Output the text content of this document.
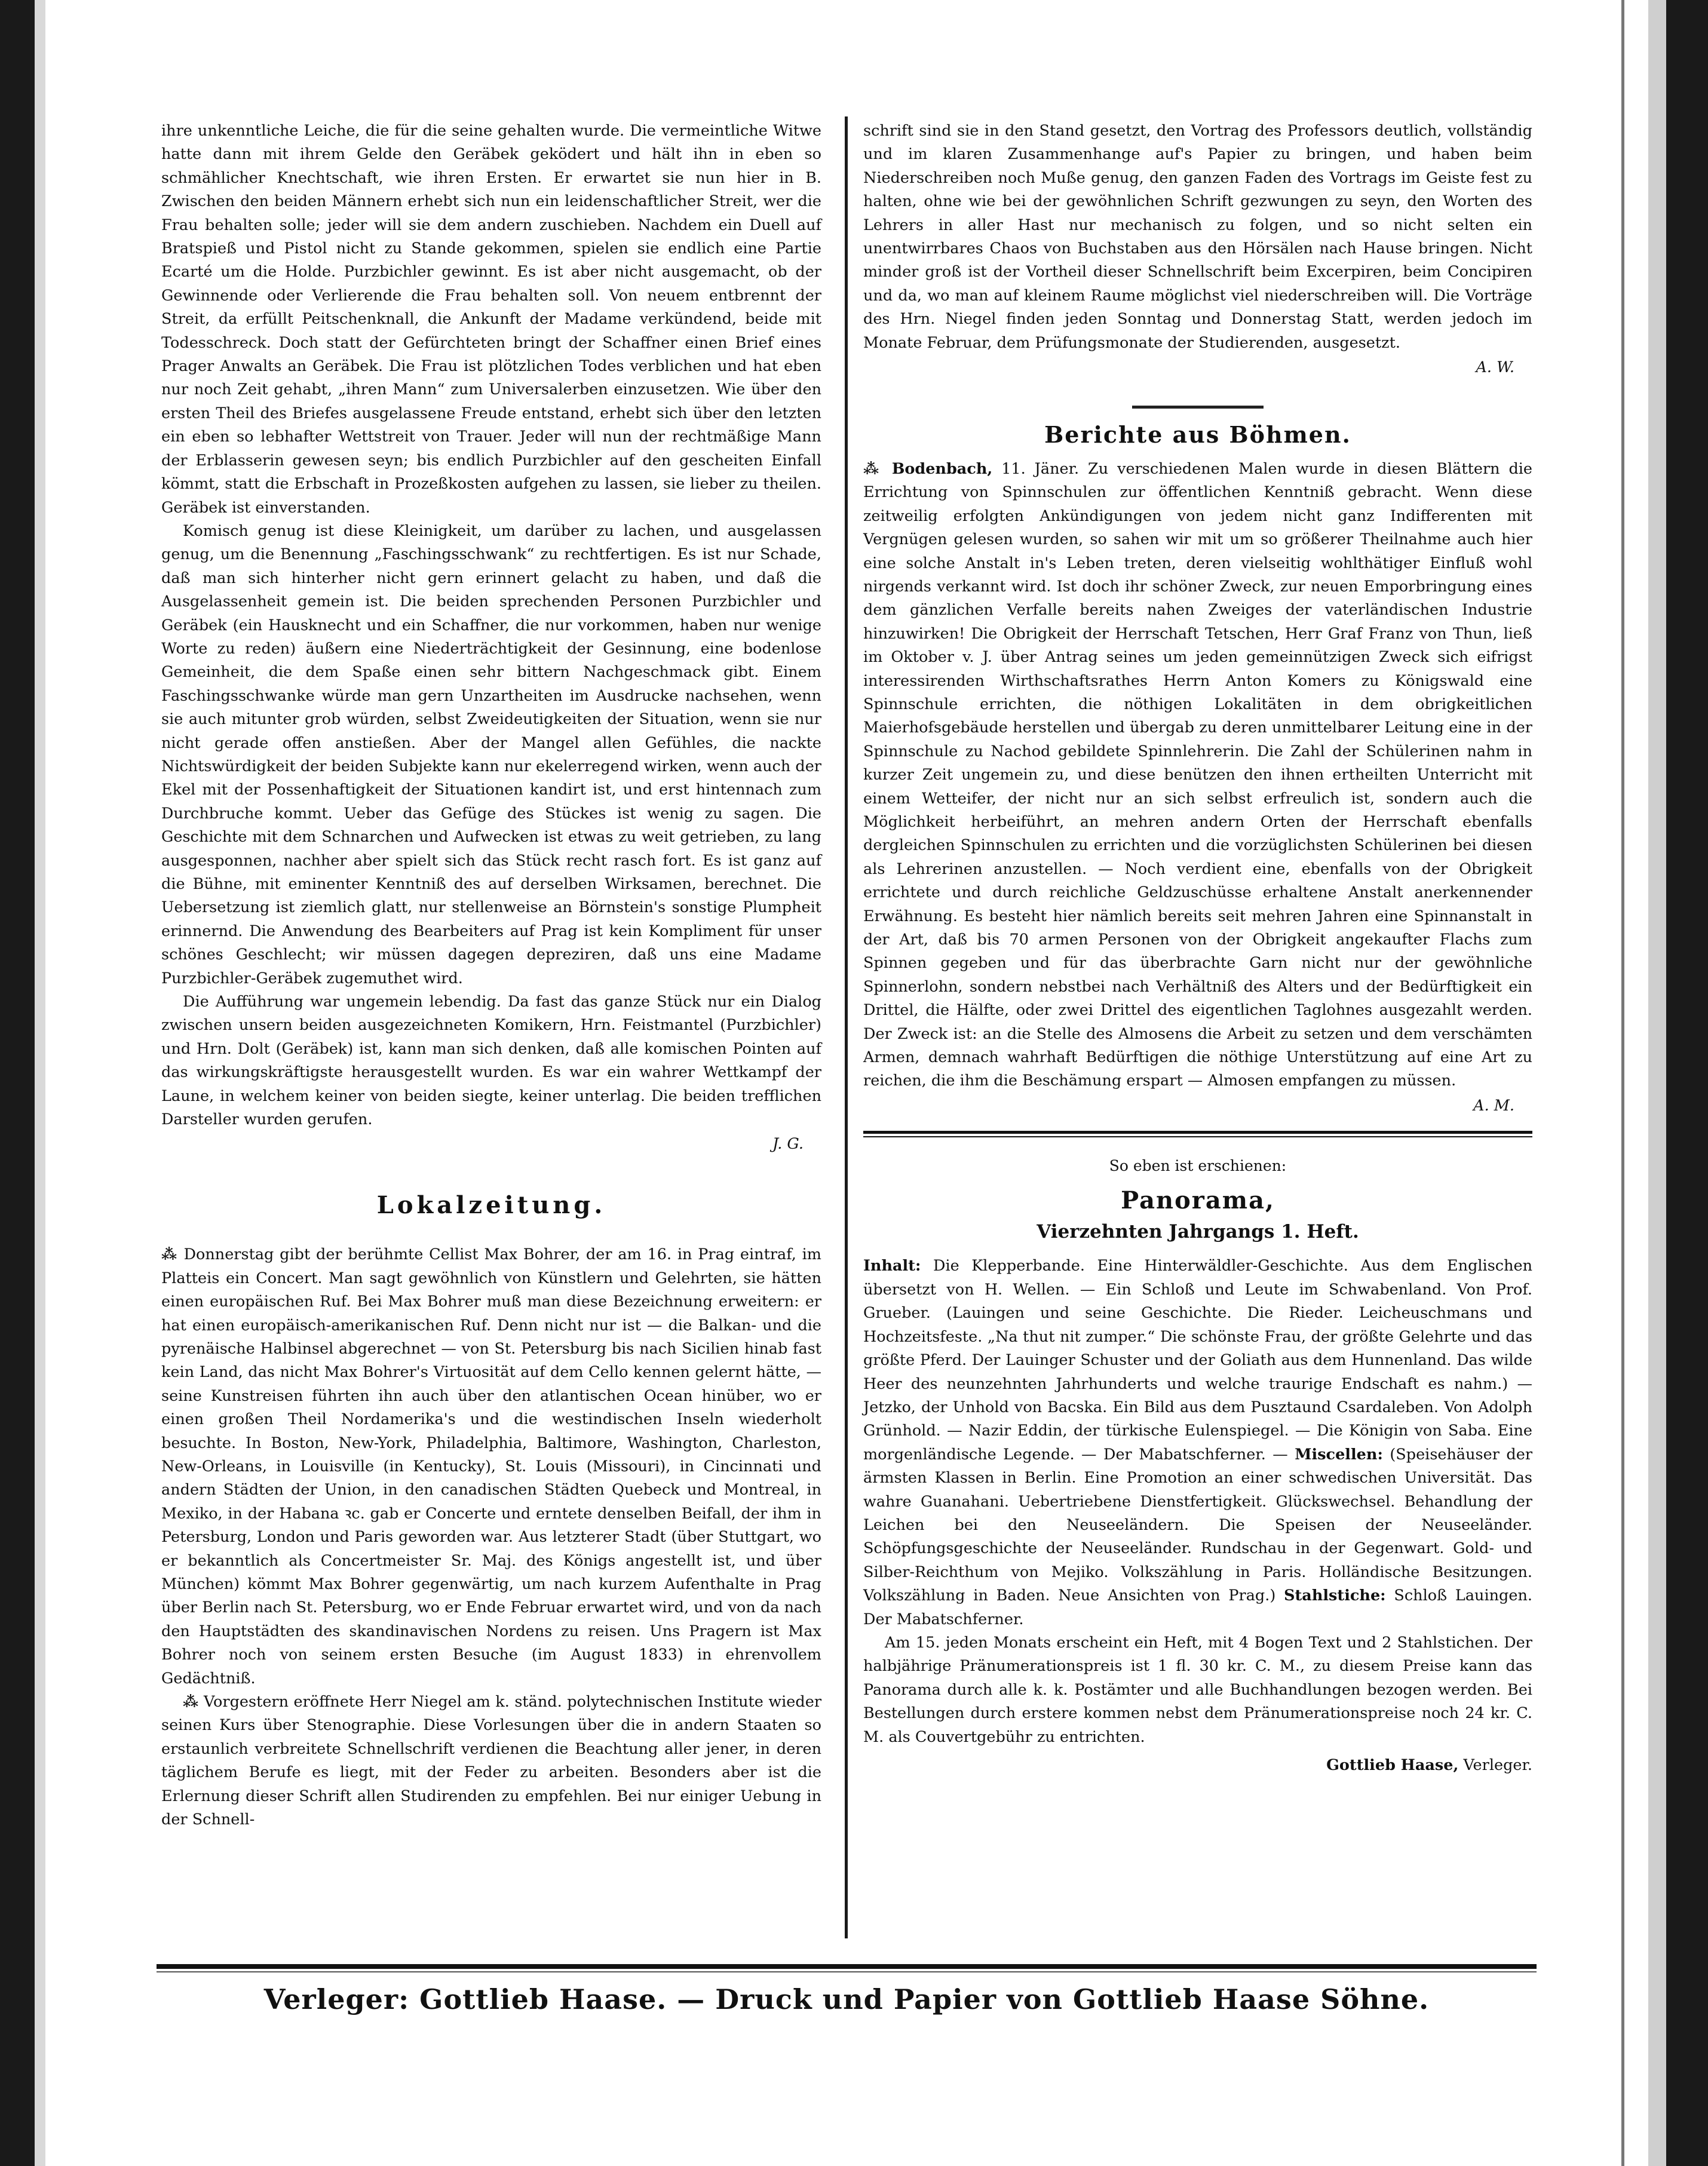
ihre unkenntliche Leiche, die für die seine gehalten wurde. Die vermeintliche Witwe hatte dann mit ihrem Gelde den Geräbek geködert und hält ihn in eben so schmählicher Knechtschaft, wie ihren Ersten. Er erwartet sie nun hier in B. Zwischen den beiden Männern erhebt sich nun ein leidenschaftlicher Streit, wer die Frau behalten solle; jeder will sie dem andern zuschieben. Nachdem ein Duell auf Bratspieß und Pistol nicht zu Stande gekommen, spielen sie endlich eine Partie Ecarté um die Holde. Purzbichler gewinnt. Es ist aber nicht ausgemacht, ob der Gewinnende oder Verlierende die Frau behalten soll. Von neuem entbrennt der Streit, da erfüllt Peitschenknall, die Ankunft der Madame verkündend, beide mit Todesschreck. Doch statt der Gefürchteten bringt der Schaffner einen Brief eines Prager Anwalts an Geräbek. Die Frau ist plötzlichen Todes verblichen und hat eben nur noch Zeit gehabt, „ihren Mann“ zum Universalerben einzusetzen. Wie über den ersten Theil des Briefes ausgelassene Freude entstand, erhebt sich über den letzten ein eben so lebhafter Wettstreit von Trauer. Jeder will nun der rechtmäßige Mann der Erblasserin gewesen seyn; bis endlich Purzbichler auf den gescheiten Einfall kömmt, statt die Erbschaft in Prozeßkosten aufgehen zu lassen, sie lieber zu theilen. Geräbek ist einverstanden.

Komisch genug ist diese Kleinigkeit, um darüber zu lachen, und ausgelassen genug, um die Benennung „Faschingsschwank“ zu rechtfertigen. Es ist nur Schade, daß man sich hinterher nicht gern erinnert gelacht zu haben, und daß die Ausgelassenheit gemein ist. Die beiden sprechenden Personen Purzbichler und Geräbek (ein Hausknecht und ein Schaffner, die nur vorkommen, haben nur wenige Worte zu reden) äußern eine Niederträchtigkeit der Gesinnung, eine bodenlose Gemeinheit, die dem Spaße einen sehr bittern Nachgeschmack gibt. Einem Faschingsschwanke würde man gern Unzartheiten im Ausdrucke nachsehen, wenn sie auch mitunter grob würden, selbst Zweideutigkeiten der Situation, wenn sie nur nicht gerade offen anstießen. Aber der Mangel allen Gefühles, die nackte Nichtswürdigkeit der beiden Subjekte kann nur ekelerregend wirken, wenn auch der Ekel mit der Possenhaftigkeit der Situationen kandirt ist, und erst hintennach zum Durchbruche kommt. Ueber das Gefüge des Stückes ist wenig zu sagen. Die Geschichte mit dem Schnarchen und Aufwecken ist etwas zu weit getrieben, zu lang ausgesponnen, nachher aber spielt sich das Stück recht rasch fort. Es ist ganz auf die Bühne, mit eminenter Kenntniß des auf derselben Wirksamen, berechnet. Die Uebersetzung ist ziemlich glatt, nur stellenweise an Börnstein's sonstige Plumpheit erinnernd. Die Anwendung des Bearbeiters auf Prag ist kein Kompliment für unser schönes Geschlecht; wir müssen dagegen depreziren, daß uns eine Madame Purzbichler-Geräbek zugemuthet wird.

Die Aufführung war ungemein lebendig. Da fast das ganze Stück nur ein Dialog zwischen unsern beiden ausgezeichneten Komikern, Hrn. Feistmantel (Purzbichler) und Hrn. Dolt (Geräbek) ist, kann man sich denken, daß alle komischen Pointen auf das wirkungskräftigste herausgestellt wurden. Es war ein wahrer Wettkampf der Laune, in welchem keiner von beiden siegte, keiner unterlag. Die beiden trefflichen Darsteller wurden gerufen.

J. G.
Lokalzeitung.

⁂ Donnerstag gibt der berühmte Cellist Max Bohrer, der am 16. in Prag eintraf, im Platteis ein Concert. Man sagt gewöhnlich von Künstlern und Gelehrten, sie hätten einen europäischen Ruf. Bei Max Bohrer muß man diese Bezeichnung erweitern: er hat einen europäisch-amerikanischen Ruf. Denn nicht nur ist — die Balkan- und die pyrenäische Halbinsel abgerechnet — von St. Petersburg bis nach Sicilien hinab fast kein Land, das nicht Max Bohrer's Virtuosität auf dem Cello kennen gelernt hätte, — seine Kunstreisen führten ihn auch über den atlantischen Ocean hinüber, wo er einen großen Theil Nordamerika's und die westindischen Inseln wiederholt besuchte. In Boston, New-York, Philadelphia, Baltimore, Washington, Charleston, New-Orleans, in Louisville (in Kentucky), St. Louis (Missouri), in Cincinnati und andern Städten der Union, in den canadischen Städten Quebeck und Montreal, in Mexiko, in der Habana ꝛc. gab er Concerte und erntete denselben Beifall, der ihm in Petersburg, London und Paris geworden war. Aus letzterer Stadt (über Stuttgart, wo er bekanntlich als Concertmeister Sr. Maj. des Königs angestellt ist, und über München) kömmt Max Bohrer gegenwärtig, um nach kurzem Aufenthalte in Prag über Berlin nach St. Petersburg, wo er Ende Februar erwartet wird, und von da nach den Hauptstädten des skandinavischen Nordens zu reisen. Uns Pragern ist Max Bohrer noch von seinem ersten Besuche (im August 1833) in ehrenvollem Gedächtniß.

⁂ Vorgestern eröffnete Herr Niegel am k. ständ. polytechnischen Institute wieder seinen Kurs über Stenographie. Diese Vorlesungen über die in andern Staaten so erstaunlich verbreitete Schnellschrift verdienen die Beachtung aller jener, in deren täglichem Berufe es liegt, mit der Feder zu arbeiten. Besonders aber ist die Erlernung dieser Schrift allen Studirenden zu empfehlen. Bei nur einiger Uebung in der Schnell-

schrift sind sie in den Stand gesetzt, den Vortrag des Professors deutlich, vollständig und im klaren Zusammenhange auf's Papier zu bringen, und haben beim Niederschreiben noch Muße genug, den ganzen Faden des Vortrags im Geiste fest zu halten, ohne wie bei der gewöhnlichen Schrift gezwungen zu seyn, den Worten des Lehrers in aller Hast nur mechanisch zu folgen, und so nicht selten ein unentwirrbares Chaos von Buchstaben aus den Hörsälen nach Hause bringen. Nicht minder groß ist der Vortheil dieser Schnellschrift beim Excerpiren, beim Concipiren und da, wo man auf kleinem Raume möglichst viel niederschreiben will. Die Vorträge des Hrn. Niegel finden jeden Sonntag und Donnerstag Statt, werden jedoch im Monate Februar, dem Prüfungsmonate der Studierenden, ausgesetzt.

A. W.
Berichte aus Böhmen.

⁂ Bodenbach, 11. Jäner. Zu verschiedenen Malen wurde in diesen Blättern die Errichtung von Spinnschulen zur öffentlichen Kenntniß gebracht. Wenn diese zeitweilig erfolgten Ankündigungen von jedem nicht ganz Indifferenten mit Vergnügen gelesen wurden, so sahen wir mit um so größerer Theilnahme auch hier eine solche Anstalt in's Leben treten, deren vielseitig wohlthätiger Einfluß wohl nirgends verkannt wird. Ist doch ihr schöner Zweck, zur neuen Emporbringung eines dem gänzlichen Verfalle bereits nahen Zweiges der vaterländischen Industrie hinzuwirken! Die Obrigkeit der Herrschaft Tetschen, Herr Graf Franz von Thun, ließ im Oktober v. J. über Antrag seines um jeden gemeinnützigen Zweck sich eifrigst interessirenden Wirthschaftsrathes Herrn Anton Komers zu Königswald eine Spinnschule errichten, die nöthigen Lokalitäten in dem obrigkeitlichen Maierhofsgebäude herstellen und übergab zu deren unmittelbarer Leitung eine in der Spinnschule zu Nachod gebildete Spinnlehrerin. Die Zahl der Schülerinen nahm in kurzer Zeit ungemein zu, und diese benützen den ihnen ertheilten Unterricht mit einem Wetteifer, der nicht nur an sich selbst erfreulich ist, sondern auch die Möglichkeit herbeiführt, an mehren andern Orten der Herrschaft ebenfalls dergleichen Spinnschulen zu errichten und die vorzüglichsten Schülerinen bei diesen als Lehrerinen anzustellen. — Noch verdient eine, ebenfalls von der Obrigkeit errichtete und durch reichliche Geldzuschüsse erhaltene Anstalt anerkennender Erwähnung. Es besteht hier nämlich bereits seit mehren Jahren eine Spinnanstalt in der Art, daß bis 70 armen Personen von der Obrigkeit angekaufter Flachs zum Spinnen gegeben und für das überbrachte Garn nicht nur der gewöhnliche Spinnerlohn, sondern nebstbei nach Verhältniß des Alters und der Bedürftigkeit ein Drittel, die Hälfte, oder zwei Drittel des eigentlichen Taglohnes ausgezahlt werden. Der Zweck ist: an die Stelle des Almosens die Arbeit zu setzen und dem verschämten Armen, demnach wahrhaft Bedürftigen die nöthige Unterstützung auf eine Art zu reichen, die ihm die Beschämung erspart — Almosen empfangen zu müssen.

A. M.
So eben ist erschienen:
Panorama,
Vierzehnten Jahrgangs 1. Heft.

Inhalt: Die Klepperbande. Eine Hinterwäldler-Geschichte. Aus dem Englischen übersetzt von H. Wellen. — Ein Schloß und Leute im Schwabenland. Von Prof. Grueber. (Lauingen und seine Geschichte. Die Rieder. Leicheuschmans und Hochzeitsfeste. „Na thut nit zumper.“ Die schönste Frau, der größte Gelehrte und das größte Pferd. Der Lauinger Schuster und der Goliath aus dem Hunnenland. Das wilde Heer des neunzehnten Jahrhunderts und welche traurige Endschaft es nahm.) — Jetzko, der Unhold von Bacska. Ein Bild aus dem Pusztaund Csardaleben. Von Adolph Grünhold. — Nazir Eddin, der türkische Eulenspiegel. — Die Königin von Saba. Eine morgenländische Legende. — Der Mabatschferner. — Miscellen: (Speisehäuser der ärmsten Klassen in Berlin. Eine Promotion an einer schwedischen Universität. Das wahre Guanahani. Uebertriebene Dienstfertigkeit. Glückswechsel. Behandlung der Leichen bei den Neuseeländern. Die Speisen der Neuseeländer. Schöpfungsgeschichte der Neuseeländer. Rundschau in der Gegenwart. Gold- und Silber-Reichthum von Mejiko. Volkszählung in Paris. Holländische Besitzungen. Volkszählung in Baden. Neue Ansichten von Prag.) Stahlstiche: Schloß Lauingen. Der Mabatschferner.

Am 15. jeden Monats erscheint ein Heft, mit 4 Bogen Text und 2 Stahlstichen. Der halbjährige Pränumerationspreis ist 1 fl. 30 kr. C. M., zu diesem Preise kann das Panorama durch alle k. k. Postämter und alle Buchhandlungen bezogen werden. Bei Bestellungen durch erstere kommen nebst dem Pränumerationspreise noch 24 kr. C. M. als Couvertgebühr zu entrichten.

Gottlieb Haase, Verleger.
Verleger: Gottlieb Haase. — Druck und Papier von Gottlieb Haase Söhne.
